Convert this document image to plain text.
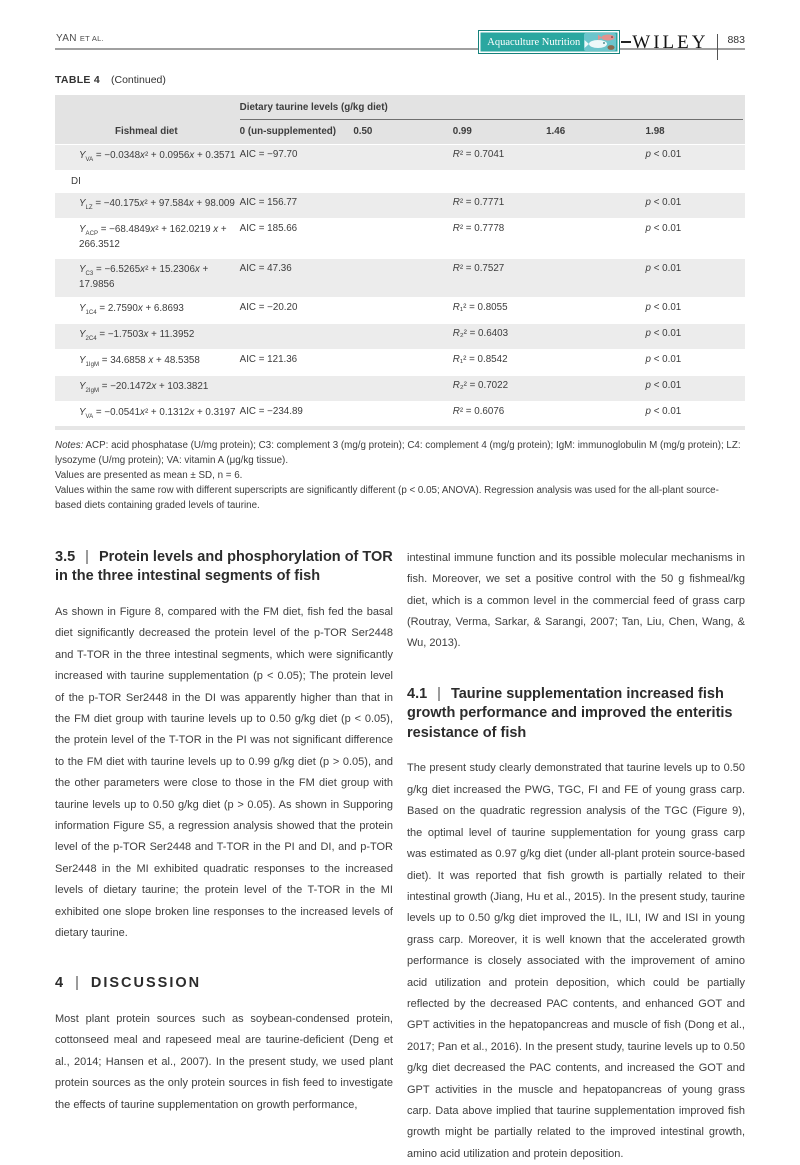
YAN ET AL.	Aquaculture Nutrition	WILEY	883
TABLE 4 (Continued)

	Dietary taurine levels (g/kg diet)				

Fishmeal diet	0 (un-supplemented)	0.50	0.99	1.46	1.98
$Y_{VA} = -0.0348x^2 + 0.0956x + 0.3571$	AIC = −97.70		R² = 0.7041		p < 0.01
DI					
$Y_{LZ} = -40.175x^2 + 97.584x + 98.009$	AIC = 156.77		R² = 0.7771		p < 0.01
$Y_{ACP} = -68.4849x^2 + 162.0219$ x + 266.3512	AIC = 185.66		R² = 0.7778		p < 0.01
$Y_{C3} = -6.5265x^2 + 15.2306x + 17.9856$	AIC = 47.36		R² = 0.7527		p < 0.01
$Y_{1C4} = 2.7590x + 6.8693$	AIC = −20.20		R₁² = 0.8055		p < 0.01
$Y_{2C4} = -1.7503x + 11.3952$			R₂² = 0.6403		p < 0.01
$Y_{1IgM} = 34.6858$ x + 48.5358	AIC = 121.36		R₁² = 0.8542		p < 0.01
$Y_{2IgM} = -20.1472x + 103.3821$			R₂² = 0.7022		p < 0.01
$Y_{VA} = -0.0541x^2 + 0.1312x + 0.3197$	AIC = −234.89		R² = 0.6076		p < 0.01

Notes: ACP: acid phosphatase (U/mg protein); C3: complement 3 (mg/g protein); C4: complement 4 (mg/g protein); IgM: immunoglobulin M (mg/g protein); LZ: lysozyme (U/mg protein); VA: vitamin A (μg/kg tissue).

Values are presented as mean ± SD, n = 6.

Values within the same row with different superscripts are significantly different (p < 0.05; ANOVA). Regression analysis was used for the all-plant source-based diets containing graded levels of taurine.

3.5 | Protein levels and phosphorylation of TOR in the three intestinal segments of fish

As shown in Figure 8, compared with the FM diet, fish fed the basal diet significantly decreased the protein level of the p-TOR Ser2448 and T-TOR in the three intestinal segments, which were significantly increased with taurine supplementation (p < 0.05); The protein level of the p-TOR Ser2448 in the DI was apparently higher than that in the FM diet group with taurine levels up to 0.50 g/kg diet (p < 0.05), the protein level of the T-TOR in the PI was not significant difference to the FM diet with taurine levels up to 0.99 g/kg diet (p > 0.05), and the other parameters were close to those in the FM diet group with taurine levels up to 0.50 g/kg diet (p > 0.05). As shown in Supporing information Figure S5, a regression analysis showed that the protein level of the p-TOR Ser2448 and T-TOR in the PI and DI, and p-TOR Ser2448 in the MI exhibited quadratic responses to the increased levels of dietary taurine; the protein level of the T-TOR in the MI exhibited one slope broken line responses to the increased levels of dietary taurine.

4 | DISCUSSION

Most plant protein sources such as soybean-condensed protein, cottonseed meal and rapeseed meal are taurine-deficient (Deng et al., 2014; Hansen et al., 2007). In the present study, we used plant protein sources as the only protein sources in fish feed to investigate the effects of taurine supplementation on growth performance,

intestinal immune function and its possible molecular mechanisms in fish. Moreover, we set a positive control with the 50 g fishmeal/kg diet, which is a common level in the commercial feed of grass carp (Routray, Verma, Sarkar, & Sarangi, 2007; Tan, Liu, Chen, Wang, & Wu, 2013).

4.1 | Taurine supplementation increased fish growth performance and improved the enteritis resistance of fish

The present study clearly demonstrated that taurine levels up to 0.50 g/kg diet increased the PWG, TGC, FI and FE of young grass carp. Based on the quadratic regression analysis of the TGC (Figure 9), the optimal level of taurine supplementation for young grass carp was estimated as 0.97 g/kg diet (under all-plant protein source-based diet). It was reported that fish growth is partially related to their intestinal growth (Jiang, Hu et al., 2015). In the present study, taurine levels up to 0.50 g/kg diet improved the IL, ILI, IW and ISI in young grass carp. Moreover, it is well known that the accelerated growth performance is closely associated with the improvement of amino acid utilization and protein deposition, which could be partially reflected by the decreased PAC contents, and enhanced GOT and GPT activities in the hepatopancreas and muscle of fish (Dong et al., 2017; Pan et al., 2016). In the present study, taurine levels up to 0.50 g/kg diet decreased the PAC contents, and increased the GOT and GPT activities in the muscle and hepatopancreas of young grass carp. Data above implied that taurine supplementation improved fish growth might be partially related to the improved intestinal growth, amino acid utilization and protein deposition.
